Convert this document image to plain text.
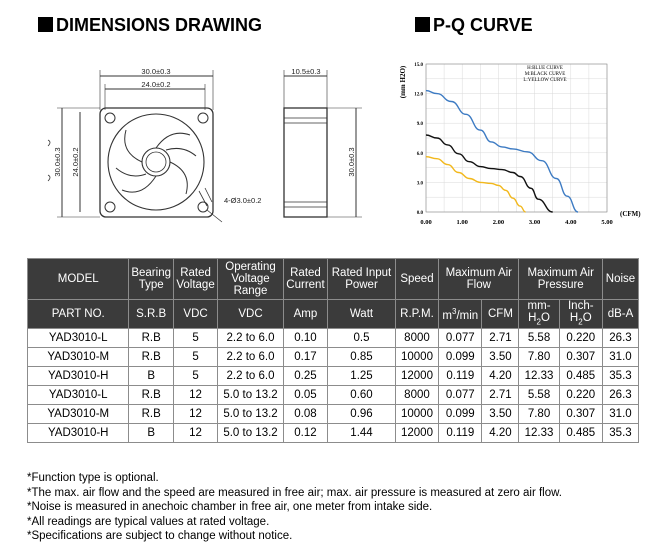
DIMENSIONS DRAWING	P-Q CURVE
30.0±0.3
24.0±0.2
10.5±0.3
4-Ø3.0±0.2
30.0±0.3 24.0±0.2	30.0±0.3
0.00	1.00	2.00	3.00	4.00	5.00
0.0
3.0
6.0
9.0
12.0
15.0
H:BLUE CURVE
M:BLACK CURVE
L:YELLOW CURVE
(mm H2O)
(CFM)
MODEL	Bearing Type	Rated Voltage	Operating Voltage Range	Rated Current	Rated Input Power	Speed	Maximum Air Flow		Maximum Air Pressure		Noise
PART NO.	S.R.B	VDC	VDC	Amp	Watt	R.P.M.	$m^3/\min$	CFM	$mm-H_2O$	Inch-$H_2O$	dB-A
YAD3010-L	R.B	5	2.2 to 6.0	0.10	0.5	8000	0.077	2.71	5.58	0.220	26.3
YAD3010-M	R.B	5	2.2 to 6.0	0.17	0.85	10000	0.099	3.50	7.80	0.307	31.0
YAD3010-H	B	5	2.2 to 6.0	0.25	1.25	12000	0.119	4.20	12.33	0.485	35.3
YAD3010-L	R.B	12	5.0 to 13.2	0.05	0.60	8000	0.077	2.71	5.58	0.220	26.3
YAD3010-M	R.B	12	5.0 to 13.2	0.08	0.96	10000	0.099	3.50	7.80	0.307	31.0
YAD3010-H	B	12	5.0 to 13.2	0.12	1.44	12000	0.119	4.20	12.33	0.485	35.3
*Function type is optional.
*The max. air flow and the speed are measured in free air; max. air pressure is measured at zero air flow.
*Noise is measured in anechoic chamber in free air, one meter from intake side.
*All readings are typical values at rated voltage.
*Specifications are subject to change without notice.
